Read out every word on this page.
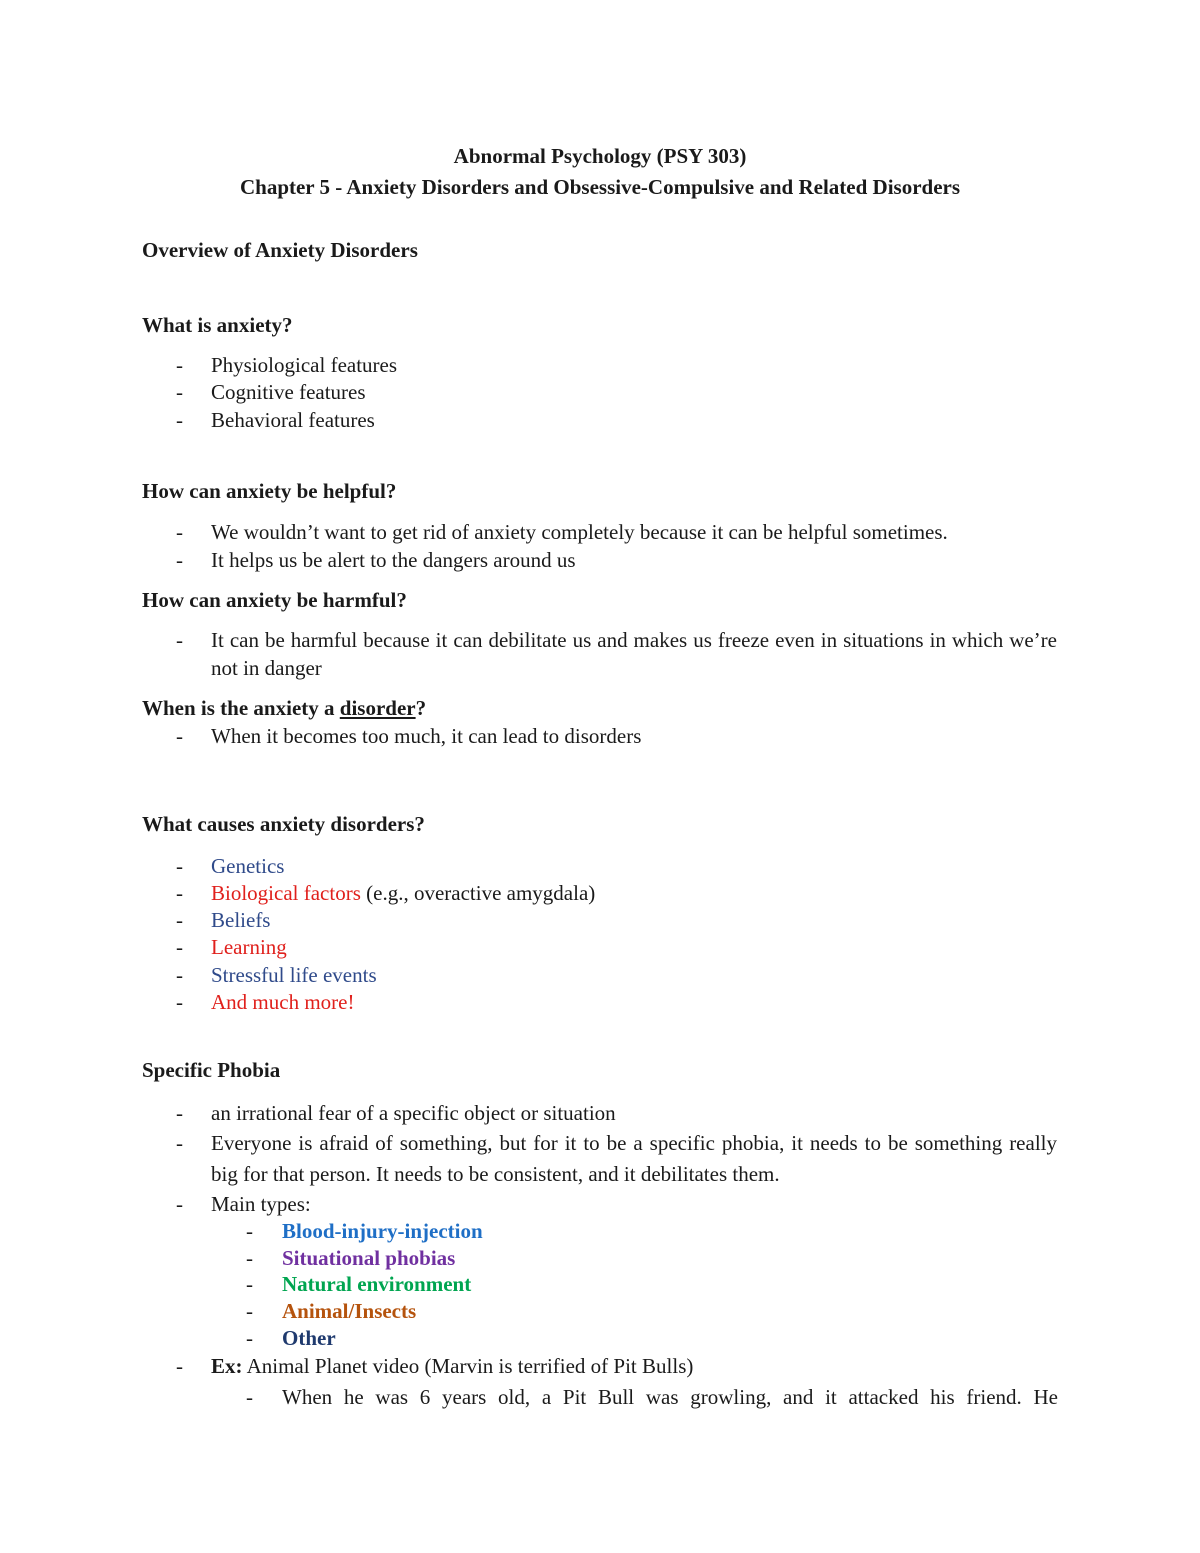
Abnormal Psychology (PSY 303)
Chapter 5 - Anxiety Disorders and Obsessive-Compulsive and Related Disorders
Overview of Anxiety Disorders
What is anxiety?
- Physiological features
- Cognitive features
- Behavioral features
How can anxiety be helpful?
- We wouldn’t want to get rid of anxiety completely because it can be helpful sometimes.
- It helps us be alert to the dangers around us
How can anxiety be harmful?
- It can be harmful because it can debilitate us and makes us freeze even in situations in which we’re not in danger
When is the anxiety a disorder?
- When it becomes too much, it can lead to disorders
What causes anxiety disorders?
- Genetics
- Biological factors (e.g., overactive amygdala)
- Beliefs
- Learning
- Stressful life events
- And much more!
Specific Phobia
- an irrational fear of a specific object or situation
- Everyone is afraid of something, but for it to be a specific phobia, it needs to be something really big for that person. It needs to be consistent, and it debilitates them.
- Main types:
- Blood-injury-injection
- Situational phobias
- Natural environment
- Animal/Insects
- Other
- Ex: Animal Planet video (Marvin is terrified of Pit Bulls)
- When he was 6 years old, a Pit Bull was growling, and it attacked his friend. He
